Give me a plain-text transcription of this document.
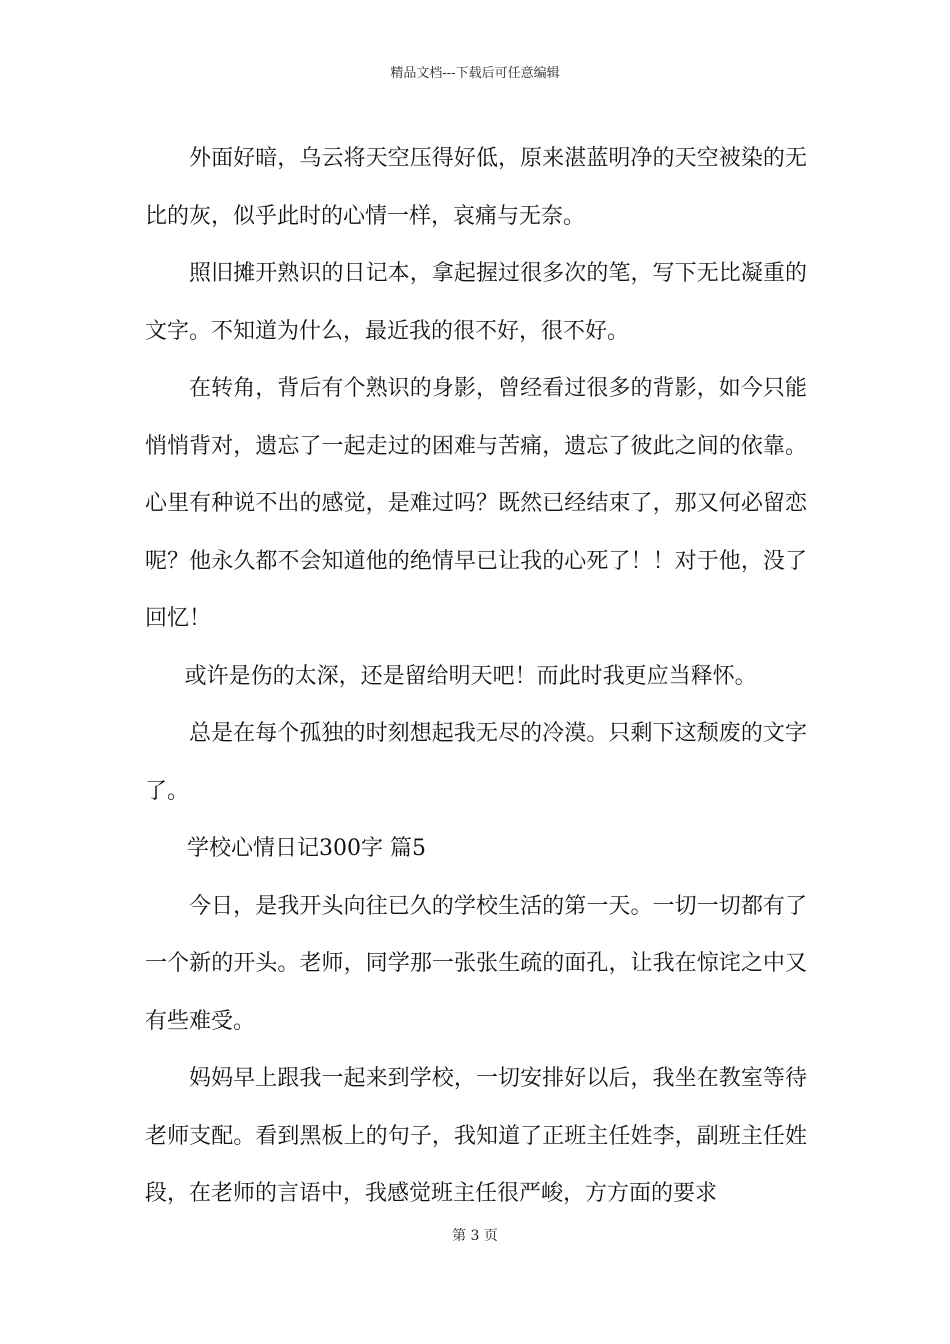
精品文档---下载后可任意编辑

外面好暗，乌云将天空压得好低，原来湛蓝明净的天空被染的无比的灰，似乎此时的心情一样，哀痛与无奈。

照旧摊开熟识的日记本，拿起握过很多次的笔，写下无比凝重的文字。不知道为什么，最近我的很不好，很不好。

在转角，背后有个熟识的身影，曾经看过很多的背影，如今只能悄悄背对，遗忘了一起走过的困难与苦痛，遗忘了彼此之间的依靠。心里有种说不出的感觉，是难过吗？既然已经结束了，那又何必留恋呢？他永久都不会知道他的绝情早已让我的心死了！！对于他，没了回忆！

或许是伤的太深，还是留给明天吧！而此时我更应当释怀。

总是在每个孤独的时刻想起我无尽的冷漠。只剩下这颓废的文字了。

学校心情日记300字 篇5

今日，是我开头向往已久的学校生活的第一天。一切一切都有了一个新的开头。老师，同学那一张张生疏的面孔，让我在惊诧之中又有些难受。

妈妈早上跟我一起来到学校，一切安排好以后，我坐在教室等待老师支配。看到黑板上的句子，我知道了正班主任姓李，副班主任姓段，在老师的言语中，我感觉班主任很严峻，方方面的要求

第 3 页
